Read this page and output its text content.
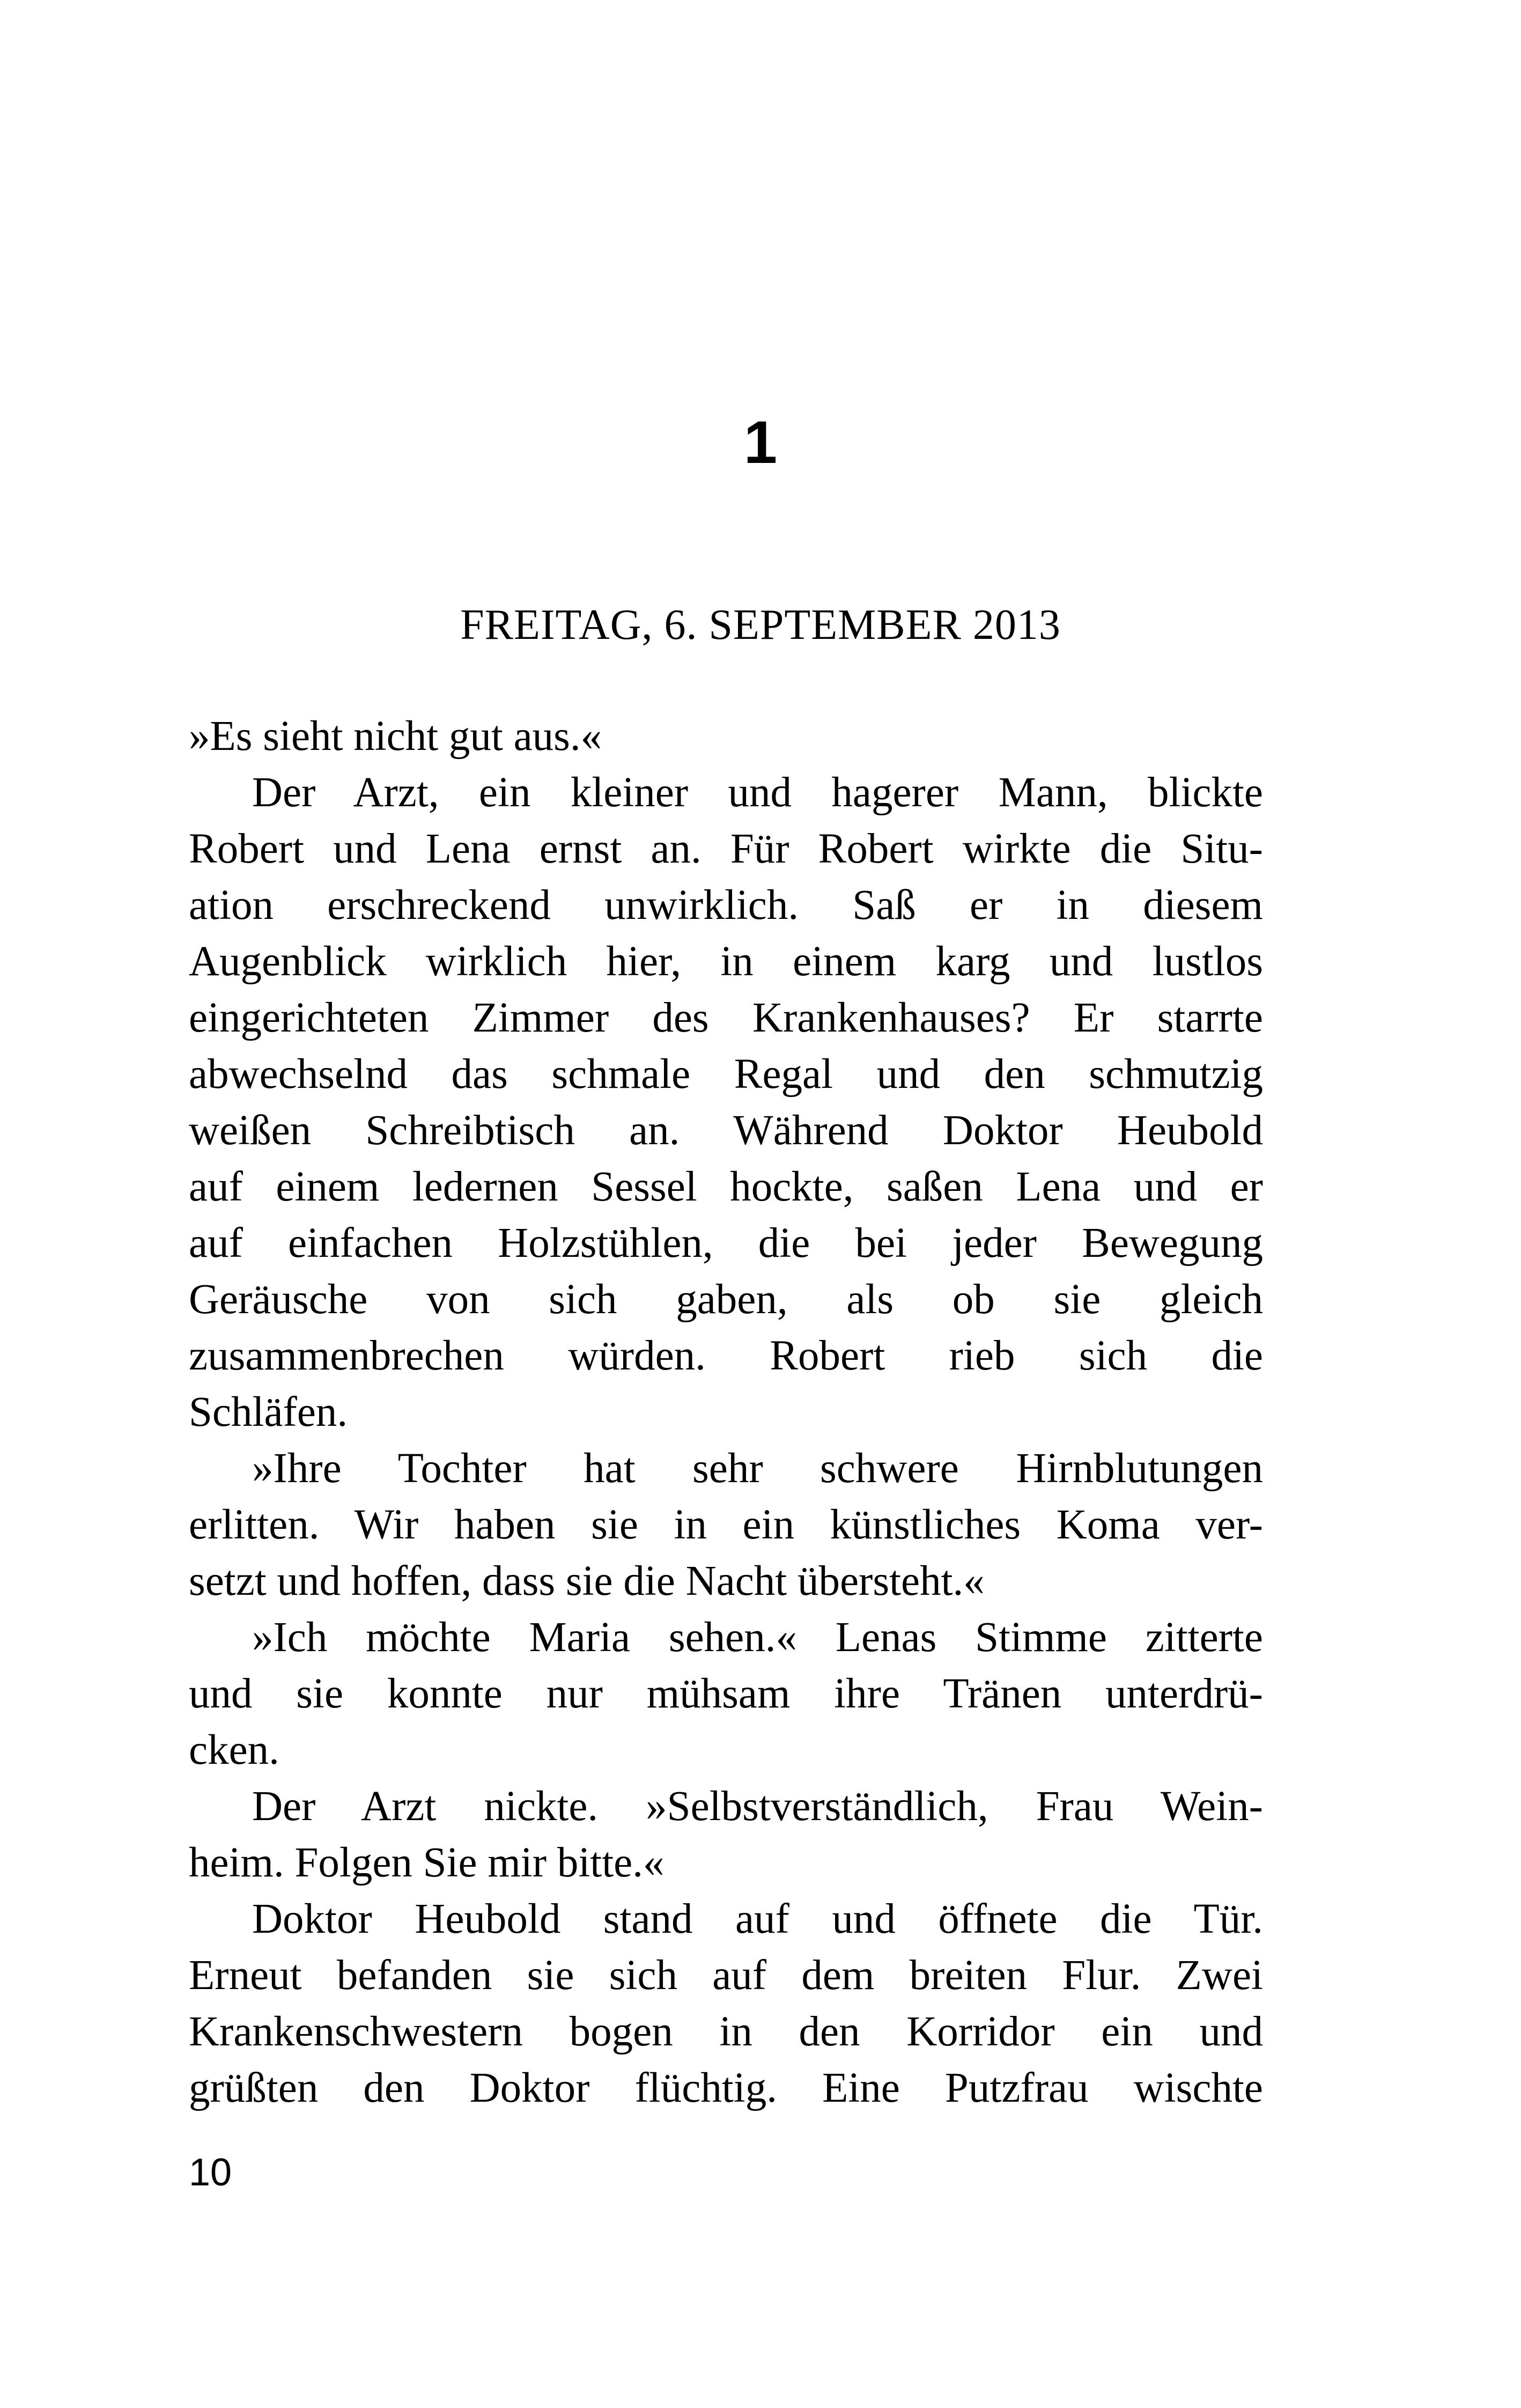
1
FREITAG, 6. SEPTEMBER 2013
»Es sieht nicht gut aus.«
Der Arzt, ein kleiner und hagerer Mann, blickte
Robert und Lena ernst an. Für Robert wirkte die Situ-
ation erschreckend unwirklich. Saß er in diesem
Augenblick wirklich hier, in einem karg und lustlos
eingerichteten Zimmer des Krankenhauses? Er starrte
abwechselnd das schmale Regal und den schmutzig
weißen Schreibtisch an. Während Doktor Heubold
auf einem ledernen Sessel hockte, saßen Lena und er
auf einfachen Holzstühlen, die bei jeder Bewegung
Geräusche von sich gaben, als ob sie gleich
zusammenbrechen würden. Robert rieb sich die
Schläfen.
»Ihre Tochter hat sehr schwere Hirnblutungen
erlitten. Wir haben sie in ein künstliches Koma ver-
setzt und hoffen, dass sie die Nacht übersteht.«
»Ich möchte Maria sehen.« Lenas Stimme zitterte
und sie konnte nur mühsam ihre Tränen unterdrü-
cken.
Der Arzt nickte. »Selbstverständlich, Frau Wein-
heim. Folgen Sie mir bitte.«
Doktor Heubold stand auf und öffnete die Tür.
Erneut befanden sie sich auf dem breiten Flur. Zwei
Krankenschwestern bogen in den Korridor ein und
grüßten den Doktor flüchtig. Eine Putzfrau wischte
10
